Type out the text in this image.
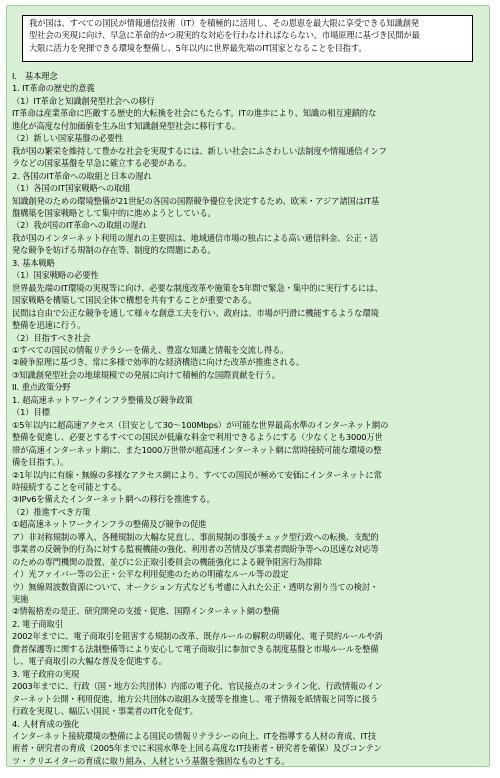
我が国は、すべての国民が情報通信技術（IT）を積極的に活用し、その恩恵を最大限に享受できる知識創発
型社会の実現に向け、早急に革命的かつ現実的な対応を行わなければならない。市場原理に基づき民間が最
大限に活力を発揮できる環境を整備し、5年以内に世界最先端のIT国家となることを目指す。
I.　基本理念
1. IT革命の歴史的意義
（1）IT革命と知識創発型社会への移行
IT革命は産業革命に匹敵する歴史的大転換を社会にもたらす。ITの進歩により、知識の相互連鎖的な
進化が高度な付加価値を生み出す知識創発型社会に移行する。
（2）新しい国家基盤の必要性
我が国の繁栄を維持して豊かな社会を実現するには、新しい社会にふさわしい法制度や情報通信インフ
ラなどの国家基盤を早急に確立する必要がある。
2. 各国のIT革命への取組と日本の遅れ
（1）各国のIT国家戦略への取組
知識創発のための環境整備が21世紀の各国の国際競争優位を決定するため、欧米・アジア諸国はIT基
盤構築を国家戦略として集中的に進めようとしている。
（2）我が国のIT革命への取組の遅れ
我が国のインターネット利用の遅れの主要因は、地域通信市場の独占による高い通信料金、公正・活
発な競争を妨げる規制の存在等、制度的な問題にある。
3. 基本戦略
（1）国家戦略の必要性
世界最先端のIT環境の実現等に向け、必要な制度改革や施策を5年間で緊急・集中的に実行するには、
国家戦略を構築して国民全体で構想を共有することが重要である。
民間は自由で公正な競争を通して様々な創意工夫を行い、政府は、市場が円滑に機能するような環境
整備を迅速に行う。
（2）目指すべき社会
①すべての国民の情報リテラシーを備え、豊富な知識と情報を交流し得る。
②競争原理に基づき、常に多様で効率的な経済構造に向けた改革が推進される。
③知識創発型社会の地球規模での発展に向けて積極的な国際貢献を行う。
II. 重点政策分野
1. 超高速ネットワークインフラ整備及び競争政策
（1）目標
①5年以内に超高速アクセス（目安として30～100Mbps）が可能な世界最高水準のインターネット網の
整備を促進し、必要とするすべての国民が低廉な料金で利用できるようにする（少なくとも3000万世
帯が高速インターネット網に、また1000万世帯が超高速インターネット網に常時接続可能な環境の整
備を目指す。）。
②1年以内に有線・無線の多様なアクセス網により、すべての国民が極めて安価にインターネットに常
時接続することを可能とする。
③IPv6を備えたインターネット網への移行を推進する。
（2）推進すべき方策
①超高速ネットワークインフラの整備及び競争の促進
ア）非対称規制の導入、各種規制の大幅な見直し、事前規制の事後チェック型行政への転換、支配的
事業者の反競争的行為に対する監視機能の強化、利用者の苦情及び事業者間紛争等への迅速な対応等
のための専門機関の設置、並びに公正取引委員会の機能強化による競争阻害行為排除
イ）光ファイバー等の公正・公平な利用促進のための明確なルール等の設定
ウ）無線周波数資源について、オークション方式なども考慮に入れた公正・透明な割り当ての検討・
実施
②情報格差の是正、研究開発の支援・促進、国際インターネット網の整備
2. 電子商取引
2002年までに、電子商取引を阻害する規制の改革、既存ルールの解釈の明確化、電子契約ルールや消
費者保護等に関する法制整備等により安心して電子商取引に参加できる制度基盤と市場ルールを整備
し、電子商取引の大幅な普及を促進する。
3. 電子政府の実現
2003年までに、行政（国・地方公共団体）内部の電子化、官民接点のオンライン化、行政情報のイン
ターネット公開・利用促進、地方公共団体の取組み支援等を推進し、電子情報を紙情報と同等に扱う
行政を実現し、幅広い国民・事業者のIT化を促す。
4. 人材育成の強化
インターネット接続環境の整備による国民の情報リテラシーの向上、ITを指導する人材の育成、IT技
術者・研究者の育成（2005年までに米国水準を上回る高度なIT技術者・研究者を確保）及びコンテン
ツ・クリエイターの育成に取り組み、人材という基盤を強固なものとする。
